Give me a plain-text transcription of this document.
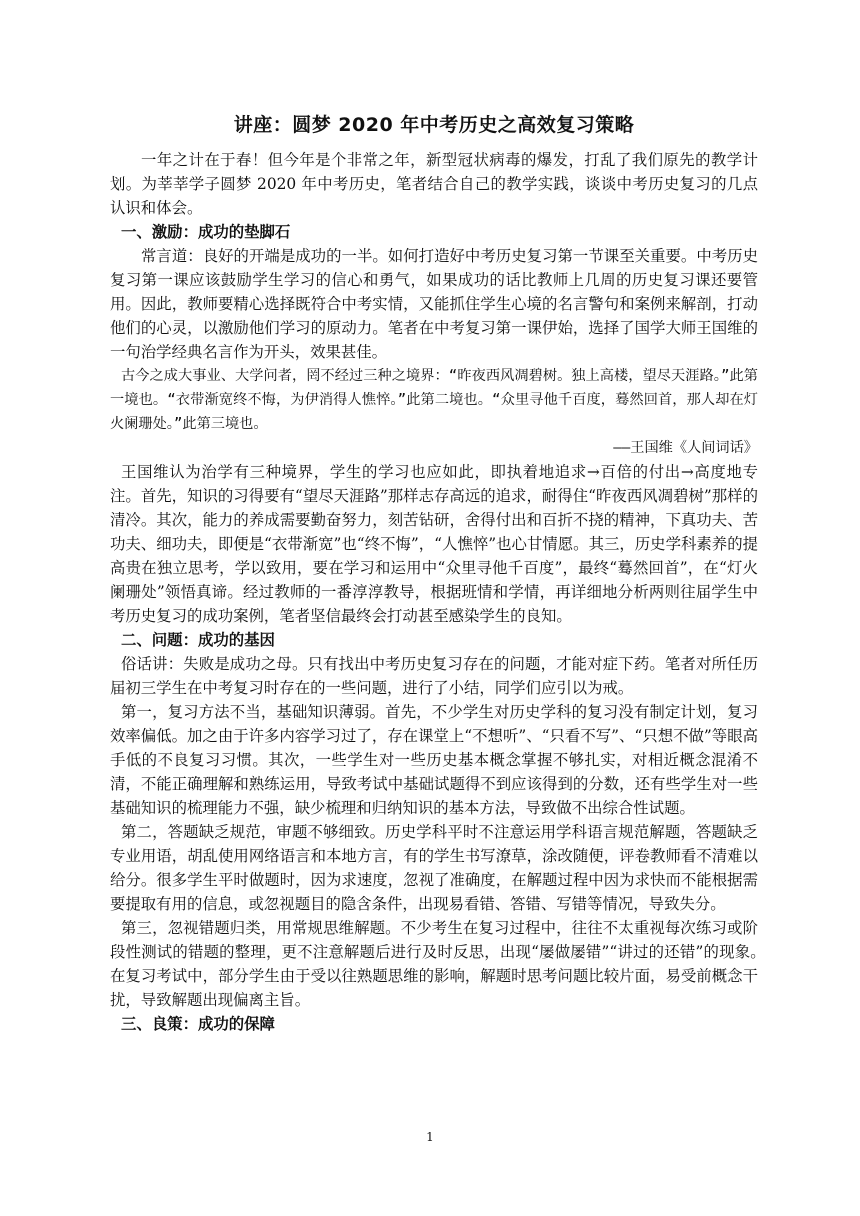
讲座：圆梦 2020 年中考历史之高效复习策略

一年之计在于春！但今年是个非常之年，新型冠状病毒的爆发，打乱了我们原先的教学计划。为莘莘学子圆梦 2020 年中考历史，笔者结合自己的教学实践，谈谈中考历史复习的几点认识和体会。

一、激励：成功的垫脚石

常言道：良好的开端是成功的一半。如何打造好中考历史复习第一节课至关重要。中考历史复习第一课应该鼓励学生学习的信心和勇气，如果成功的话比教师上几周的历史复习课还要管用。因此，教师要精心选择既符合中考实情，又能抓住学生心境的名言警句和案例来解剖，打动他们的心灵，以激励他们学习的原动力。笔者在中考复习第一课伊始，选择了国学大师王国维的一句治学经典名言作为开头，效果甚佳。

古今之成大事业、大学问者，罔不经过三种之境界：“昨夜西风凋碧树。独上高楼，望尽天涯路。”此第一境也。“衣带渐宽终不悔，为伊消得人憔悴。”此第二境也。“众里寻他千百度，蓦然回首，那人却在灯火阑珊处。”此第三境也。

——王国维《人间词话》

王国维认为治学有三种境界，学生的学习也应如此，即执着地追求→百倍的付出→高度地专注。首先，知识的习得要有“望尽天涯路”那样志存高远的追求，耐得住“昨夜西风凋碧树”那样的清冷。其次，能力的养成需要勤奋努力，刻苦钻研，舍得付出和百折不挠的精神，下真功夫、苦功夫、细功夫，即便是“衣带渐宽”也“终不悔”，“人憔悴”也心甘情愿。其三，历史学科素养的提高贵在独立思考，学以致用，要在学习和运用中“众里寻他千百度”，最终“蓦然回首”，在“灯火阑珊处”领悟真谛。经过教师的一番淳淳教导，根据班情和学情，再详细地分析两则往届学生中考历史复习的成功案例，笔者坚信最终会打动甚至感染学生的良知。

二、问题：成功的基因

俗话讲：失败是成功之母。只有找出中考历史复习存在的问题，才能对症下药。笔者对所任历届初三学生在中考复习时存在的一些问题，进行了小结，同学们应引以为戒。

第一，复习方法不当，基础知识薄弱。首先，不少学生对历史学科的复习没有制定计划，复习效率偏低。加之由于许多内容学习过了，存在课堂上“不想听”、“只看不写”、“只想不做”等眼高手低的不良复习习惯。其次，一些学生对一些历史基本概念掌握不够扎实，对相近概念混淆不清，不能正确理解和熟练运用，导致考试中基础试题得不到应该得到的分数，还有些学生对一些基础知识的梳理能力不强，缺少梳理和归纳知识的基本方法，导致做不出综合性试题。

第二，答题缺乏规范，审题不够细致。历史学科平时不注意运用学科语言规范解题，答题缺乏专业用语，胡乱使用网络语言和本地方言，有的学生书写潦草，涂改随便，评卷教师看不清难以给分。很多学生平时做题时，因为求速度，忽视了准确度，在解题过程中因为求快而不能根据需要提取有用的信息，或忽视题目的隐含条件，出现易看错、答错、写错等情况，导致失分。

第三，忽视错题归类，用常规思维解题。不少考生在复习过程中，往往不太重视每次练习或阶段性测试的错题的整理，更不注意解题后进行及时反思，出现“屡做屡错”“讲过的还错”的现象。　在复习考试中，部分学生由于受以往熟题思维的影响，解题时思考问题比较片面，易受前概念干扰，导致解题出现偏离主旨。

三、良策：成功的保障
1
